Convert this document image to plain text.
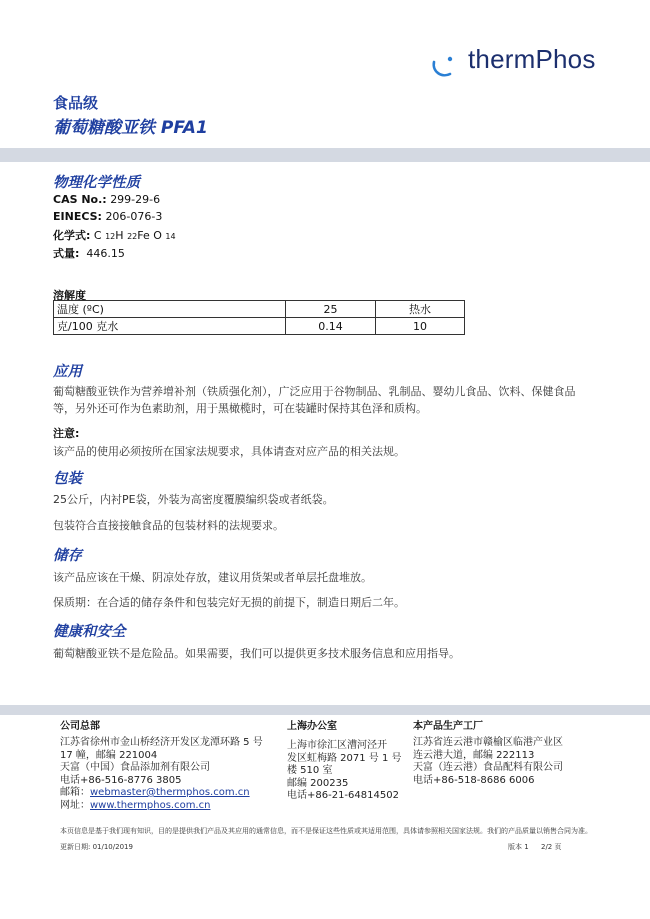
thermPhos
食品级
葡萄糖酸亚铁 PFA1
物理化学性质
CAS No.: 299-29-6
EINECS: 206-076-3
化学式: C 12H 22Fe O 14
式量: 446.15
溶解度
温度 (ºC)	25	热水
克/100 克水	0.14	10
应用
葡萄糖酸亚铁作为营养增补剂（铁质强化剂），广泛应用于谷物制品、乳制品、婴幼儿食品、饮料、保健食品
等，另外还可作为色素助剂，用于黑橄榄时，可在装罐时保持其色泽和质构。
注意:
该产品的使用必须按所在国家法规要求，具体请查对应产品的相关法规。
包装
25公斤，内衬PE袋，外装为高密度覆膜编织袋或者纸袋。
包装符合直接接触食品的包装材料的法规要求。
储存
该产品应该在干燥、阴凉处存放，建议用货架或者单层托盘堆放。
保质期：在合适的储存条件和包装完好无损的前提下，制造日期后二年。
健康和安全
葡萄糖酸亚铁不是危险品。如果需要，我们可以提供更多技术服务信息和应用指导。
公司总部
江苏省徐州市金山桥经济开发区龙潭环路 5 号
17 幢，邮编 221004
天富（中国）食品添加剂有限公司
电话+86-516-8776 3805
邮箱：webmaster@thermphos.com.cn
网址：www.thermphos.com.cn
上海办公室
上海市徐汇区漕河泾开
发区虹梅路 2071 号 1 号
楼 510 室
邮编 200235
电话+86-21-64814502
本产品生产工厂
江苏省连云港市赣榆区临港产业区
连云港大道，邮编 222113
天富（连云港）食品配料有限公司
电话+86-518-8686 6006
本页信息是基于我们现有知识，目的是提供我们产品及其应用的通常信息，而不是保证这些性质或其适用范围，具体请参照相关国家法规。我们的产品质量以销售合同为准。
更新日期: 01/10/2019	版本 1 2/2 页
